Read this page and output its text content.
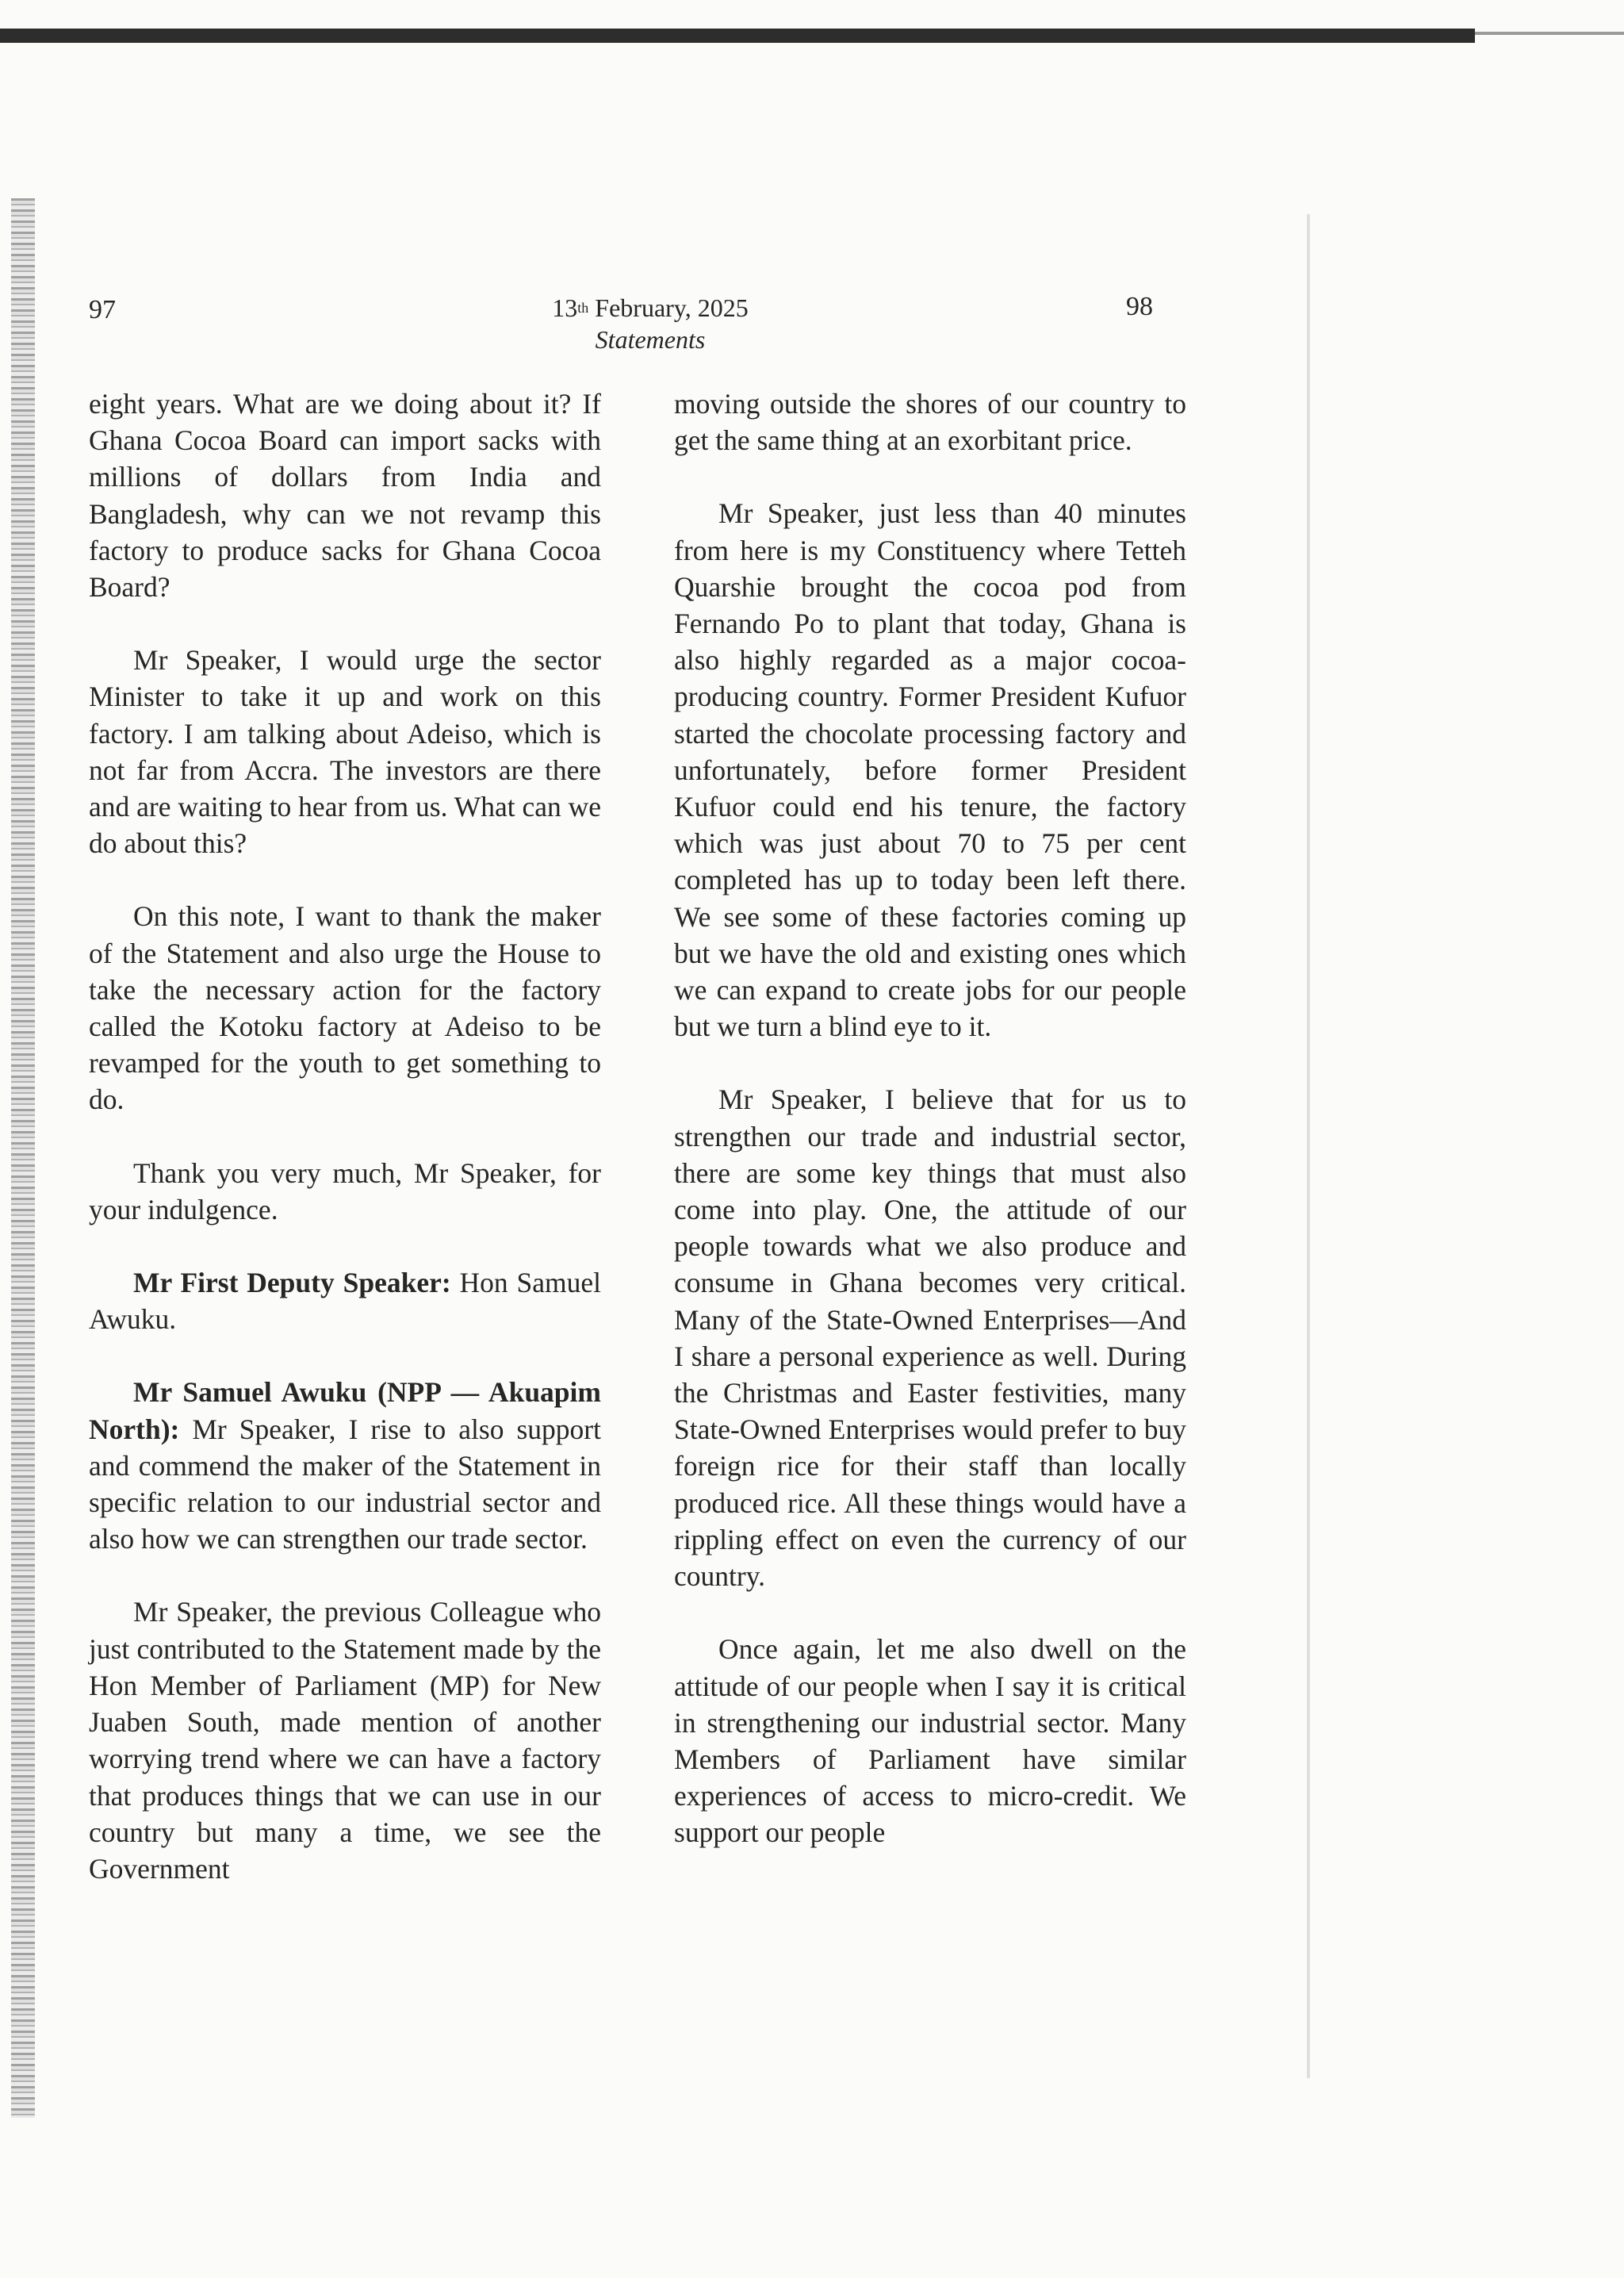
97	13th February, 2025
Statements
98

eight years. What are we doing about it? If Ghana Cocoa Board can import sacks with millions of dollars from India and Bangladesh, why can we not revamp this factory to produce sacks for Ghana Cocoa Board?

Mr Speaker, I would urge the sector Minister to take it up and work on this factory. I am talking about Adeiso, which is not far from Accra. The investors are there and are waiting to hear from us. What can we do about this?

On this note, I want to thank the maker of the Statement and also urge the House to take the necessary action for the factory called the Kotoku factory at Adeiso to be revamped for the youth to get something to do.

Thank you very much, Mr Speaker, for your indulgence.

Mr First Deputy Speaker: Hon Samuel Awuku.

Mr Samuel Awuku (NPP — Akuapim North): Mr Speaker, I rise to also support and commend the maker of the Statement in specific relation to our industrial sector and also how we can strengthen our trade sector.

Mr Speaker, the previous Colleague who just contributed to the Statement made by the Hon Member of Parliament (MP) for New Juaben South, made mention of another worrying trend where we can have a factory that produces things that we can use in our country but many a time, we see the Government

moving outside the shores of our country to get the same thing at an exorbitant price.

Mr Speaker, just less than 40 minutes from here is my Constituency where Tetteh Quarshie brought the cocoa pod from Fernando Po to plant that today, Ghana is also highly regarded as a major cocoa-producing country. Former President Kufuor started the chocolate processing factory and unfortunately, before former President Kufuor could end his tenure, the factory which was just about 70 to 75 per cent completed has up to today been left there. We see some of these factories coming up but we have the old and existing ones which we can expand to create jobs for our people but we turn a blind eye to it.

Mr Speaker, I believe that for us to strengthen our trade and industrial sector, there are some key things that must also come into play. One, the attitude of our people towards what we also produce and consume in Ghana becomes very critical. Many of the State-Owned Enterprises—And I share a personal experience as well. During the Christmas and Easter festivities, many State-Owned Enterprises would prefer to buy foreign rice for their staff than locally produced rice. All these things would have a rippling effect on even the currency of our country.

Once again, let me also dwell on the attitude of our people when I say it is critical in strengthening our industrial sector. Many Members of Parliament have similar experiences of access to micro-credit. We support our people
